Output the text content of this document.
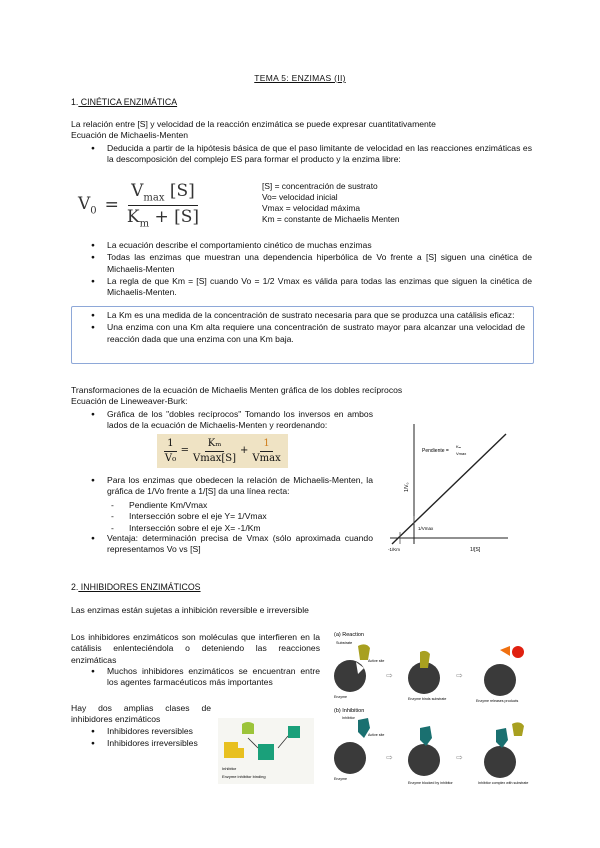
TEMA 5: ENZIMAS (II)
1. CINÉTICA ENZIMÁTICA
La relación entre [S] y velocidad de la reacción enzimática se puede expresar cuantitativamente
Ecuación de Michaelis-Menten
● Deducida a partir de la hipótesis básica de que el paso limitante de velocidad en las reacciones enzimáticas es la descomposición del complejo ES para formar el producto y la enzima libre:
$V_0 = \frac{V_{max} [S]}{K_m + [S]}$	[S] = concentración de sustrato
Vo= velocidad inicial
Vmax = velocidad máxima
Km = constante de Michaelis Menten
● La ecuación describe el comportamiento cinético de muchas enzimas
● Todas las enzimas que muestran una dependencia hiperbólica de Vo frente a [S] siguen una cinética de Michaelis-Menten
● La regla de que Km = [S] cuando Vo = 1/2 Vmax es válida para todas las enzimas que siguen la cinética de Michaelis-Menten.
● La Km es una medida de la concentración de sustrato necesaria para que se produzca una catálisis eficaz:
● Una enzima con una Km alta requiere una concentración de sustrato mayor para alcanzar una velocidad de reacción dada que una enzima con una Km baja.
Transformaciones de la ecuación de Michaelis Menten gráfica de los dobles recíprocos
Ecuación de Lineweaver-Burk:
● Gráfica de los "dobles recíprocos" Tomando los inversos en ambos lados de la ecuación de Michaelis-Menten y reordenando:
$\frac{1}{\text{V₀}} = \frac{\text{Kₘ}}{Vmax[S]} + \frac{1}{Vmax}$
● Para los enzimas que obedecen la relación de Michaelis-Menten, la gráfica de 1/Vo frente a 1/[S] da una línea recta:
- Pendiente Km/Vmax
- Intersección sobre el eje Y= 1/Vmax
- Intersección sobre el eje X= -1/Km
● Ventaja: determinación precisa de Vmax (sólo aproximada cuando representamos Vo vs [S]
Pendiente =
Kₘ
Vmax
1/V₀
1/Vmax
-1/Km	1/[S]
2. INHIBIDORES ENZIMÁTICOS
Las enzimas están sujetas a inhibición reversible e irreversible
Los inhibidores enzimáticos son moléculas que interfieren en la catálisis enlenteciéndola o deteniendo las reacciones enzimáticas
● Muchos inhibidores enzimáticos se encuentran entre los agentes farmacéuticos más importantes
Hay dos amplias clases de inhibidores enzimáticos
● Inhibidores reversibles
● Inhibidores irreversibles
Inhibitor
Enzyme inhibitor binding
(a) Reaction
Substrate
Active site
Enzyme
⇨
Enzyme binds substrate
⇨
Enzyme releases products
(b) Inhibition
Inhibitor
Active site
Enzyme
⇨
Enzyme blocked by inhibitor
⇨
Inhibitor complex with substrate
